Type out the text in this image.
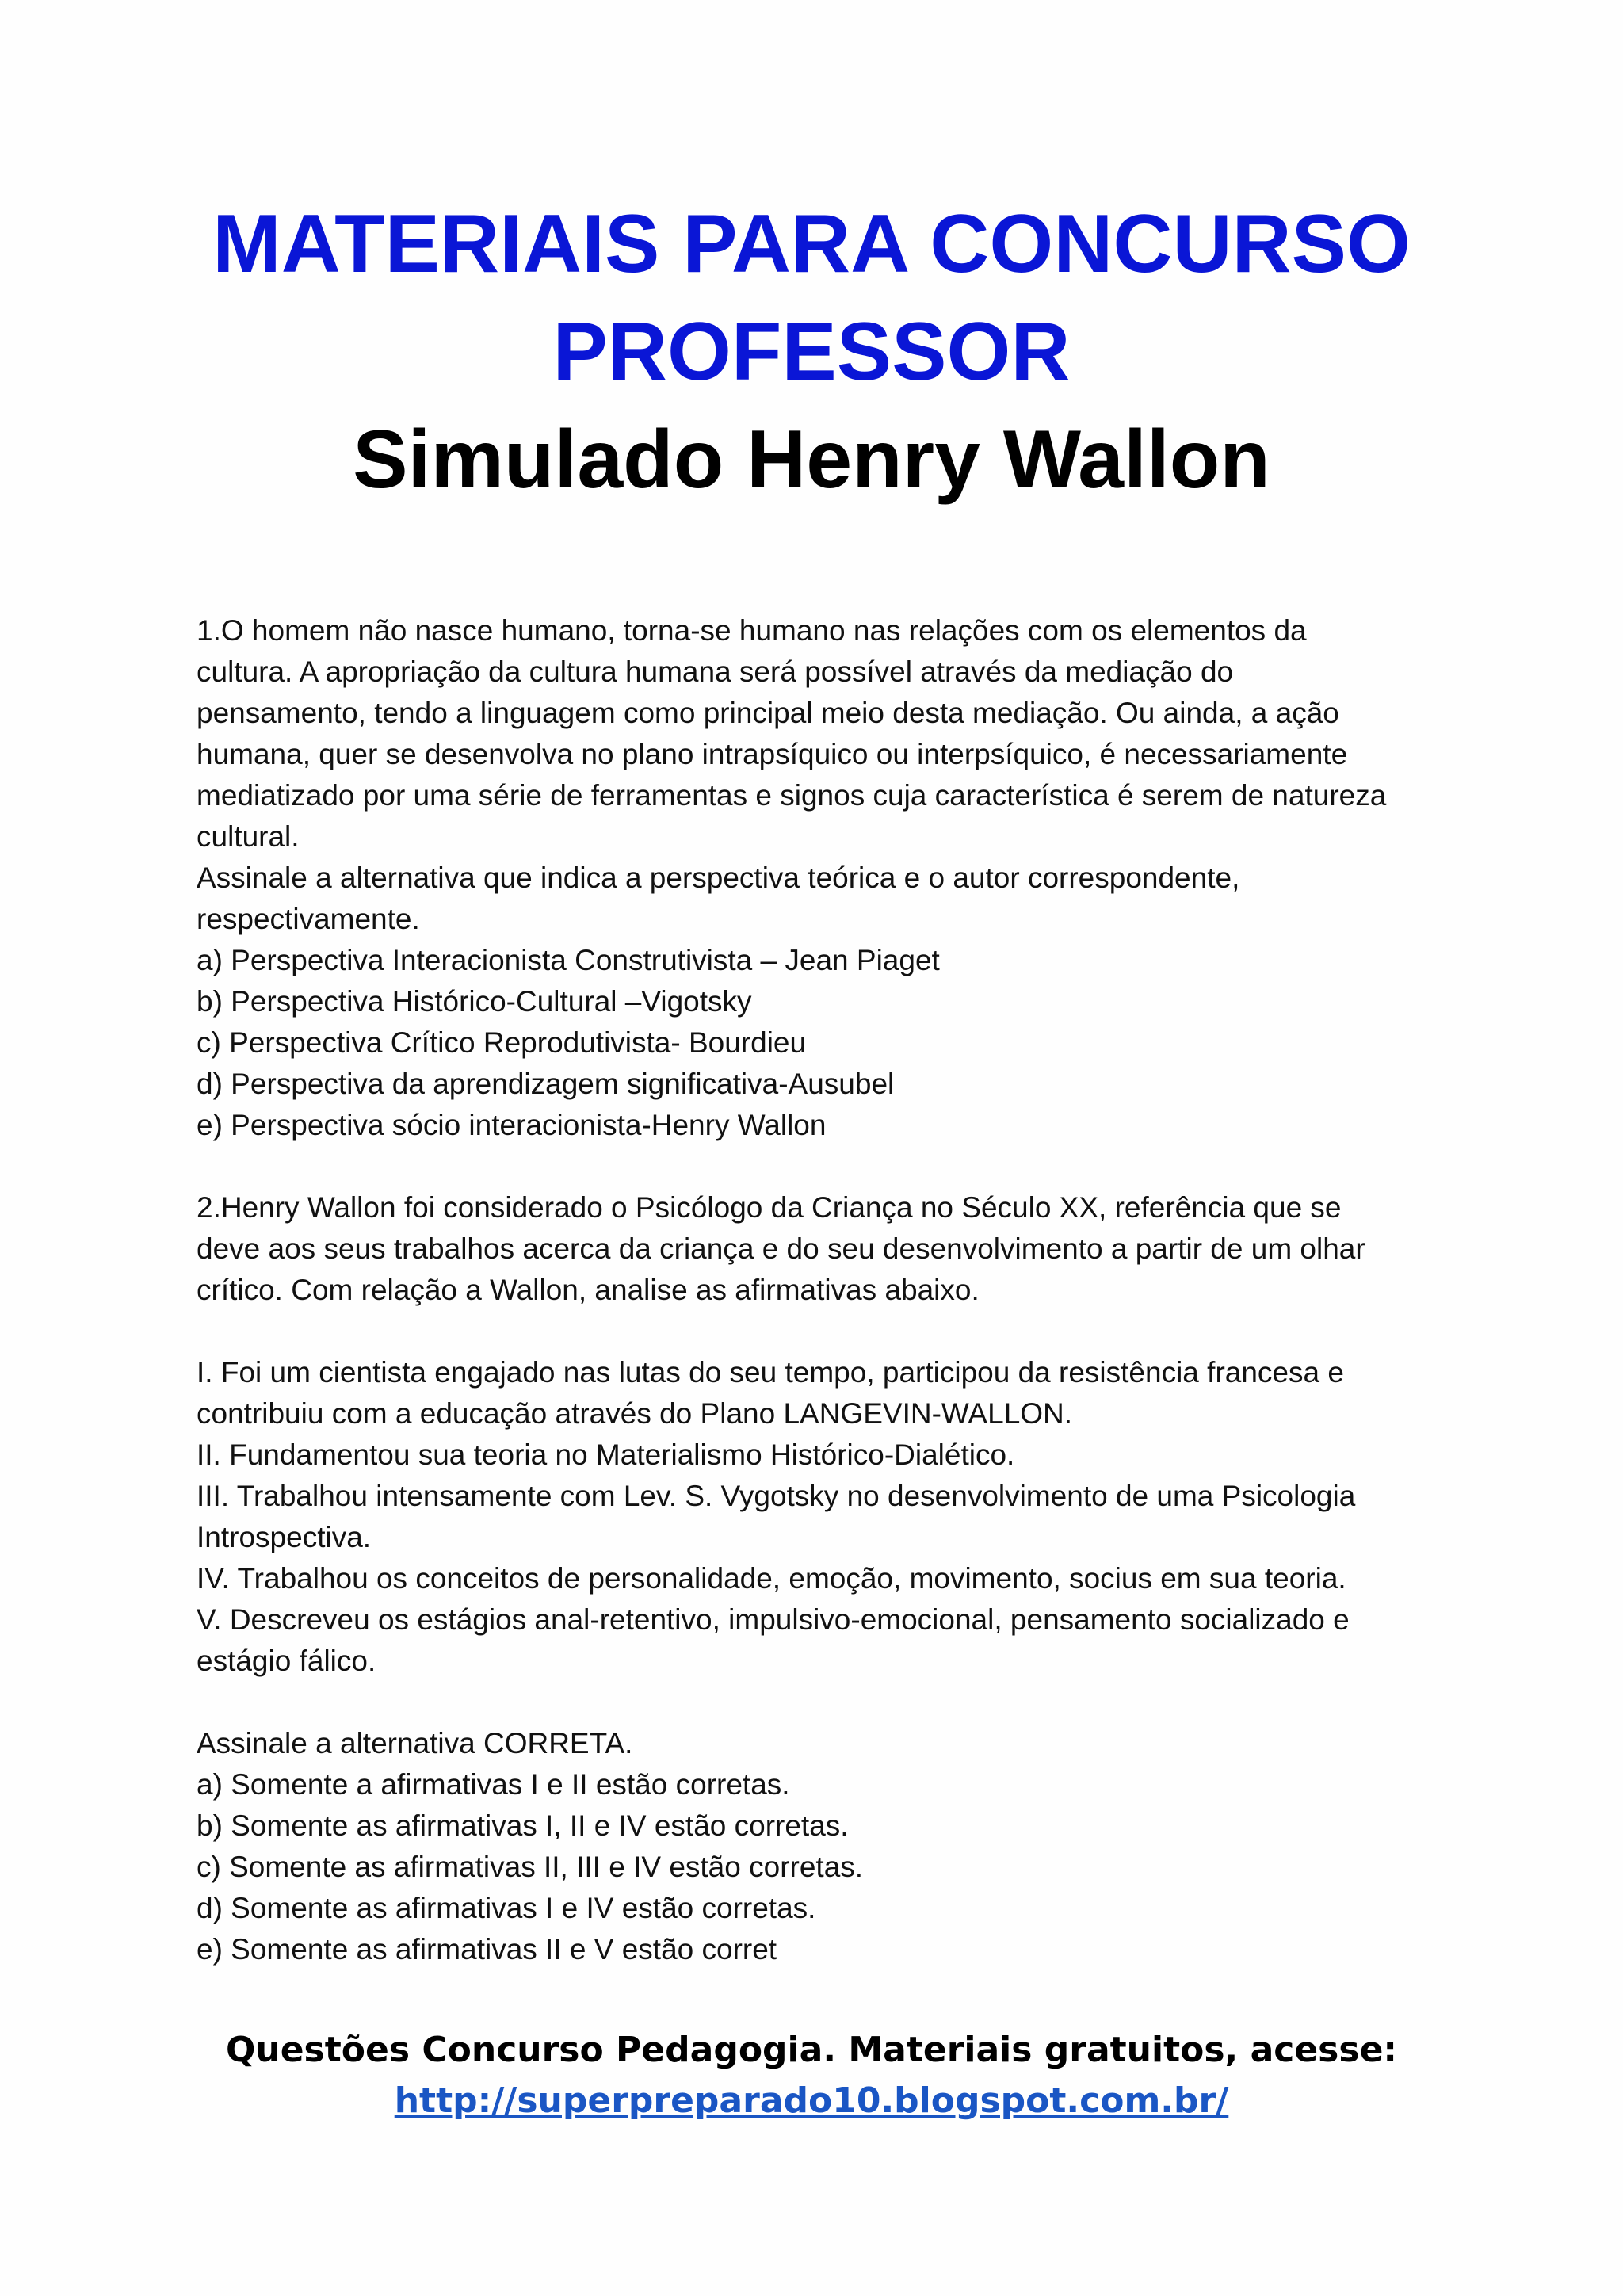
MATERIAIS PARA CONCURSO

PROFESSOR

Simulado Henry Wallon

1.O homem não nasce humano, torna-se humano nas relações com os elementos da
cultura. A apropriação da cultura humana será possível através da mediação do
pensamento, tendo a linguagem como principal meio desta mediação. Ou ainda, a ação
humana, quer se desenvolva no plano intrapsíquico ou interpsíquico, é necessariamente
mediatizado por uma série de ferramentas e signos cuja característica é serem de natureza
cultural.
Assinale a alternativa que indica a perspectiva teórica e o autor correspondente,
respectivamente.
a) Perspectiva Interacionista Construtivista – Jean Piaget
b) Perspectiva Histórico-Cultural –Vigotsky
c) Perspectiva Crítico Reprodutivista- Bourdieu
d) Perspectiva da aprendizagem significativa-Ausubel
e) Perspectiva sócio interacionista-Henry Wallon
2.Henry Wallon foi considerado o Psicólogo da Criança no Século XX, referência que se
deve aos seus trabalhos acerca da criança e do seu desenvolvimento a partir de um olhar
crítico. Com relação a Wallon, analise as afirmativas abaixo.
I. Foi um cientista engajado nas lutas do seu tempo, participou da resistência francesa e
contribuiu com a educação através do Plano LANGEVIN-WALLON.
II. Fundamentou sua teoria no Materialismo Histórico-Dialético.
III. Trabalhou intensamente com Lev. S. Vygotsky no desenvolvimento de uma Psicologia
Introspectiva.
IV. Trabalhou os conceitos de personalidade, emoção, movimento, socius em sua teoria.
V. Descreveu os estágios anal-retentivo, impulsivo-emocional, pensamento socializado e
estágio fálico.
Assinale a alternativa CORRETA.
a) Somente a afirmativas I e II estão corretas.
b) Somente as afirmativas I, II e IV estão corretas.
c) Somente as afirmativas II, III e IV estão corretas.
d) Somente as afirmativas I e IV estão corretas.
e) Somente as afirmativas II e V estão corret
Questões Concurso Pedagogia. Materiais gratuitos, acesse:
http://superpreparado10.blogspot.com.br/
